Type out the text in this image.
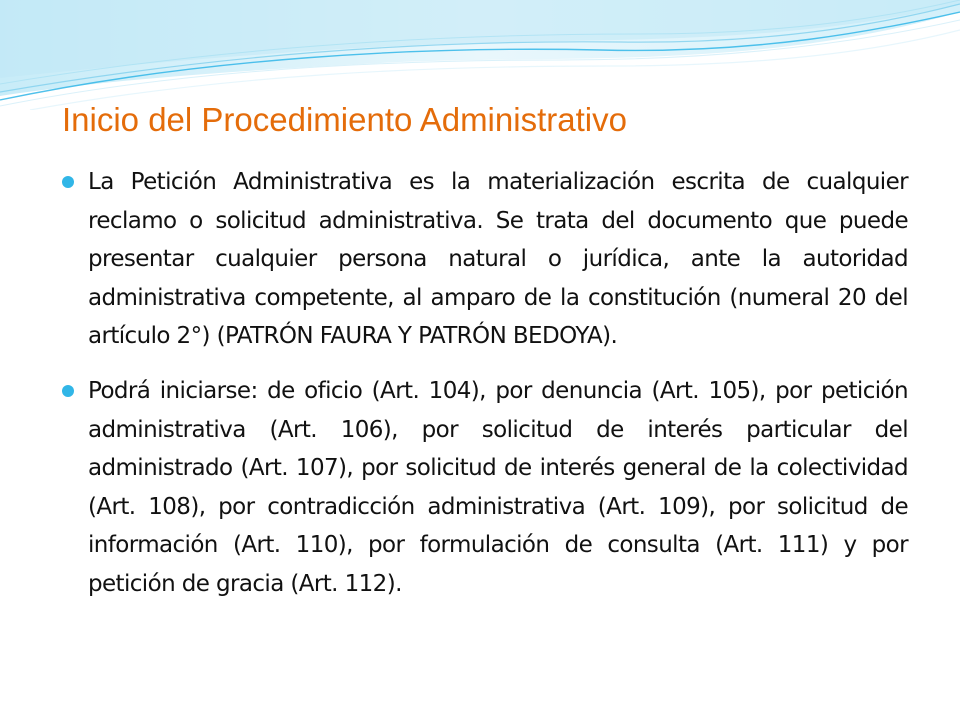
Inicio del Procedimiento Administrativo
La Petición Administrativa es la materialización escrita de cualquier reclamo o solicitud administrativa. Se trata del documento que puede presentar cualquier persona natural o jurídica, ante la autoridad administrativa competente, al amparo de la constitución (numeral 20 del artículo 2°) (PATRÓN FAURA Y PATRÓN BEDOYA).
Podrá iniciarse: de oficio (Art. 104), por denuncia (Art. 105), por petición administrativa (Art. 106), por solicitud de interés particular del administrado (Art. 107), por solicitud de interés general de la colectividad (Art. 108), por contradicción administrativa (Art. 109), por solicitud de información (Art. 110), por formulación de consulta (Art. 111) y por petición de gracia (Art. 112).
